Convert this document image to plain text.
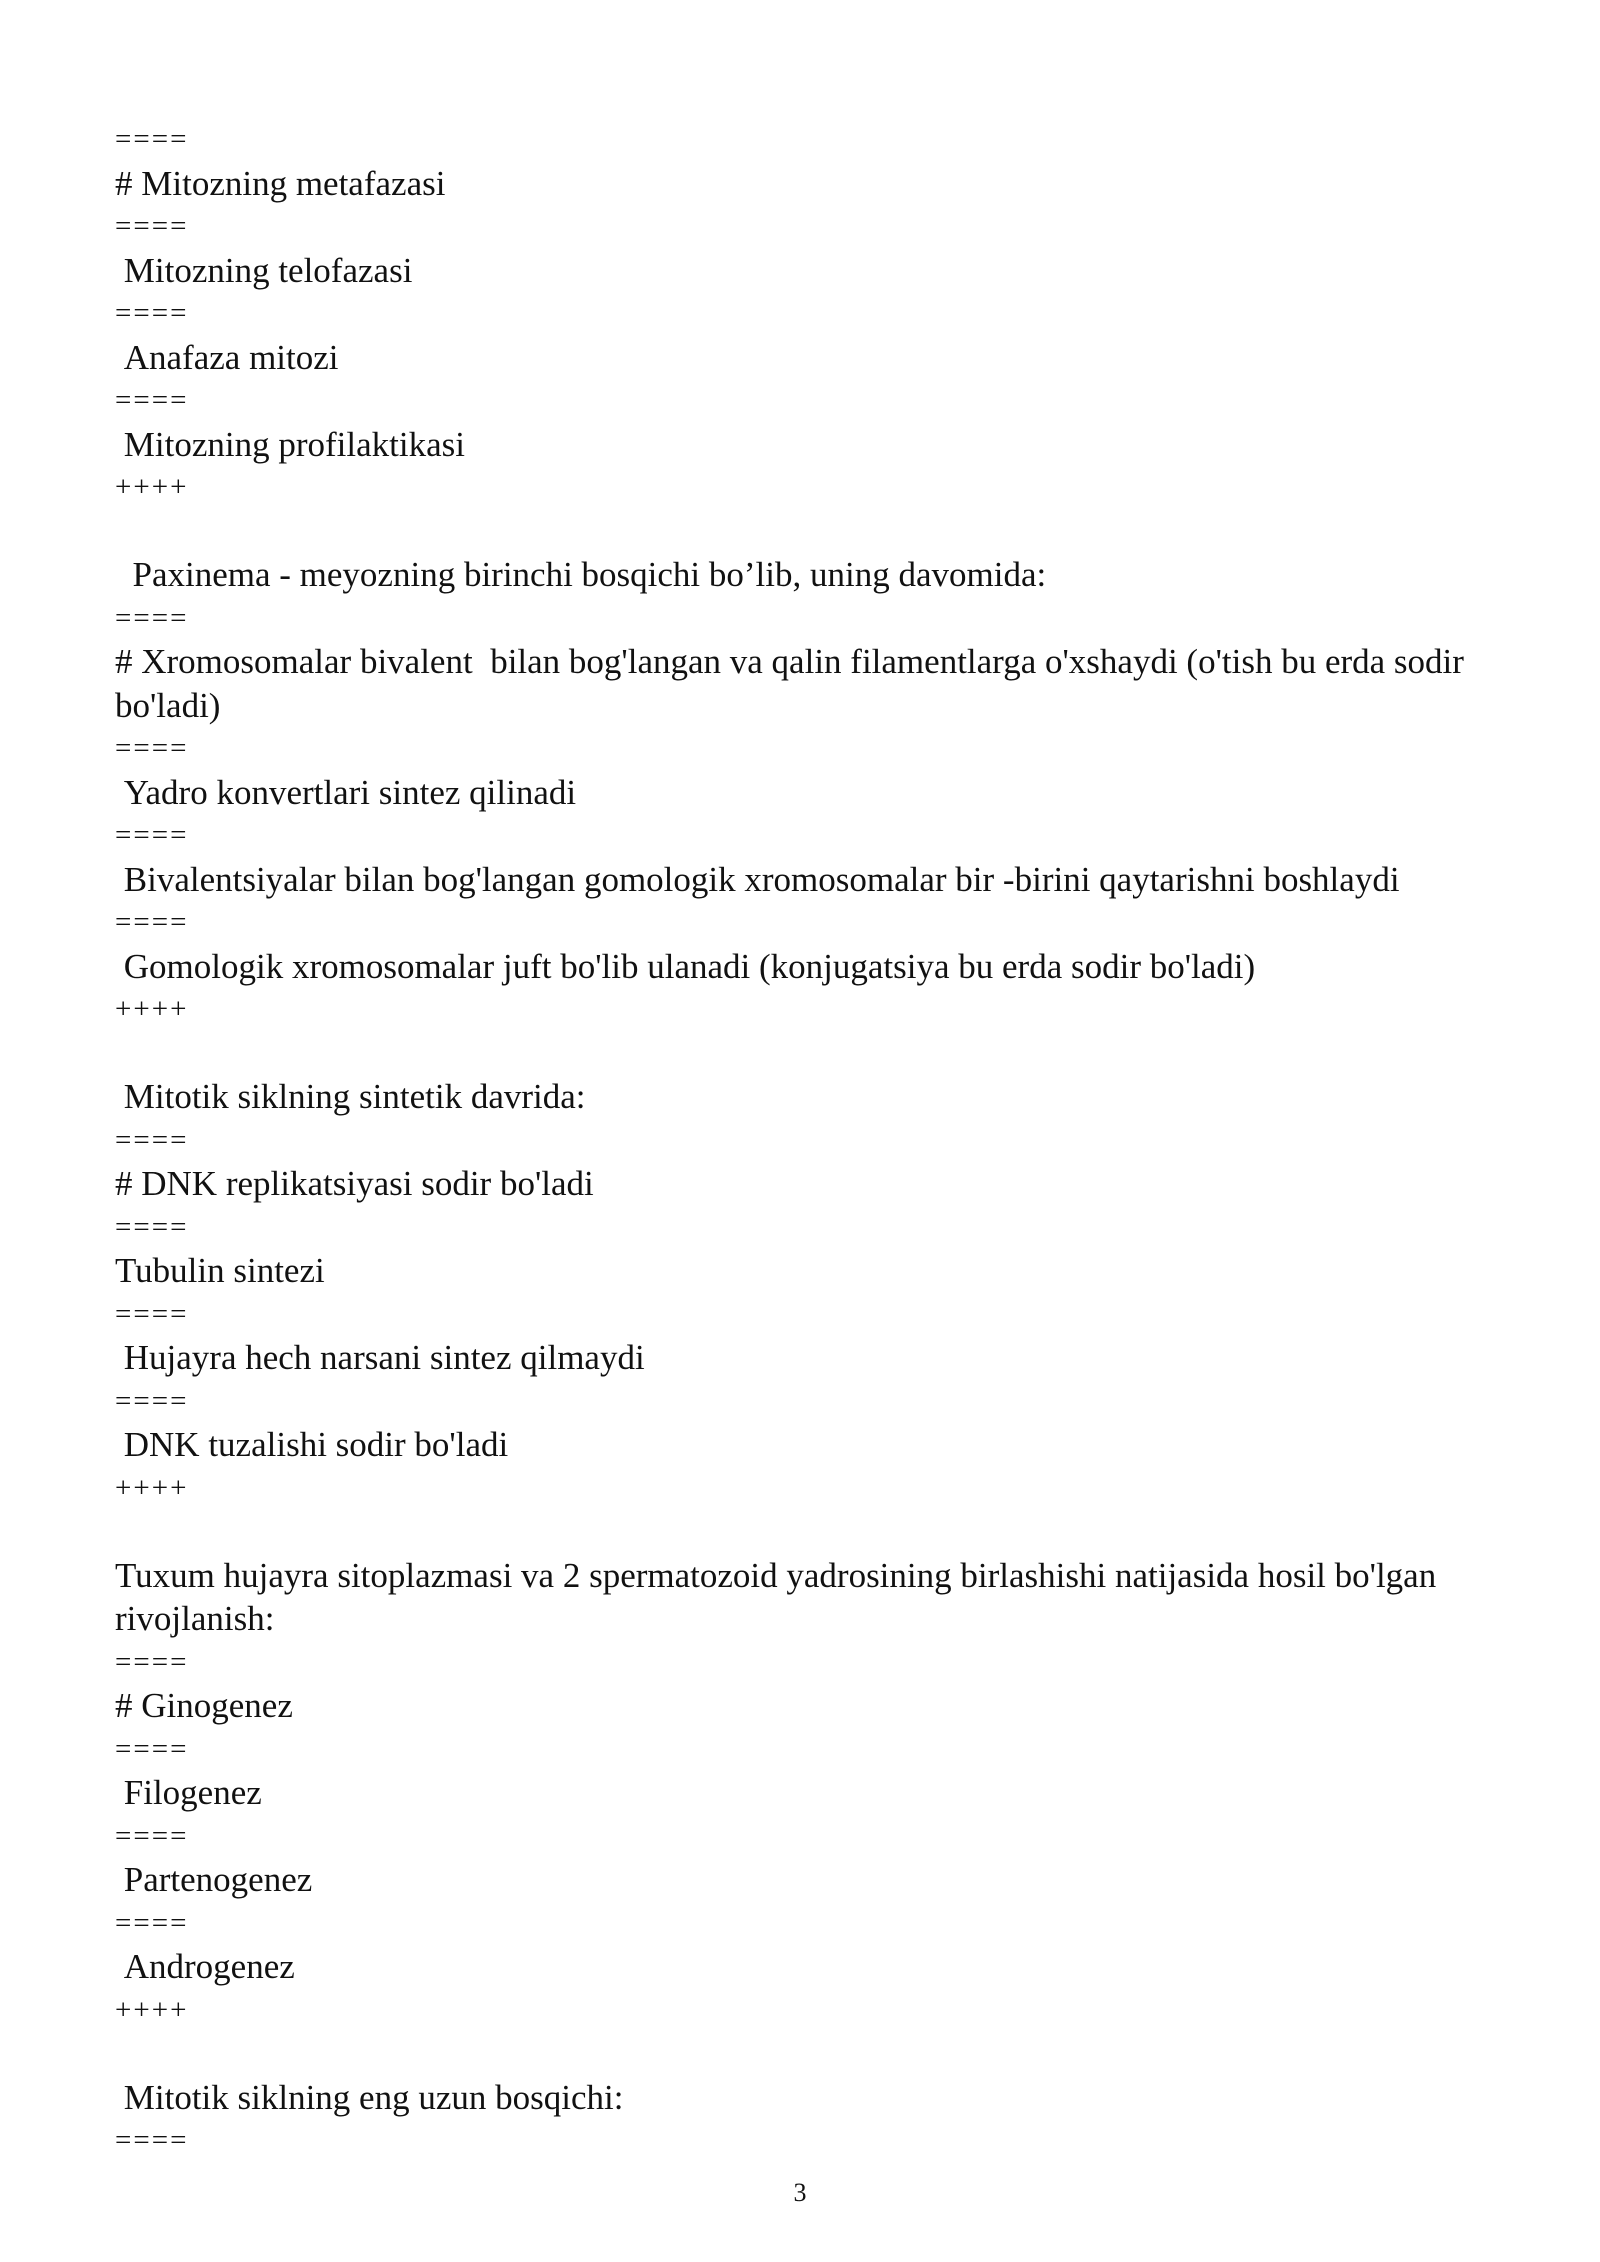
====
# Mitozning metafazasi
====
Mitozning telofazasi
====
Anafaza mitozi
====
Mitozning profilaktikasi
++++
Paxinema - meyozning birinchi bosqichi bo’lib, uning davomida:
====
# Xromosomalar bivalent  bilan bog'langan va qalin filamentlarga o'xshaydi (o'tish bu erda sodir bo'ladi)
====
Yadro konvertlari sintez qilinadi
====
Bivalentsiyalar bilan bog'langan gomologik xromosomalar bir -birini qaytarishni boshlaydi
====
Gomologik xromosomalar juft bo'lib ulanadi (konjugatsiya bu erda sodir bo'ladi)
++++
Mitotik siklning sintetik davrida:
====
# DNK replikatsiyasi sodir bo'ladi
====
Tubulin sintezi
====
Hujayra hech narsani sintez qilmaydi
====
DNK tuzalishi sodir bo'ladi
++++
Tuxum hujayra sitoplazmasi va 2 spermatozoid yadrosining birlashishi natijasida hosil bo'lgan rivojlanish:
====
# Ginogenez
====
Filogenez
====
Partenogenez
====
Androgenez
++++
Mitotik siklning eng uzun bosqichi:
====
3
